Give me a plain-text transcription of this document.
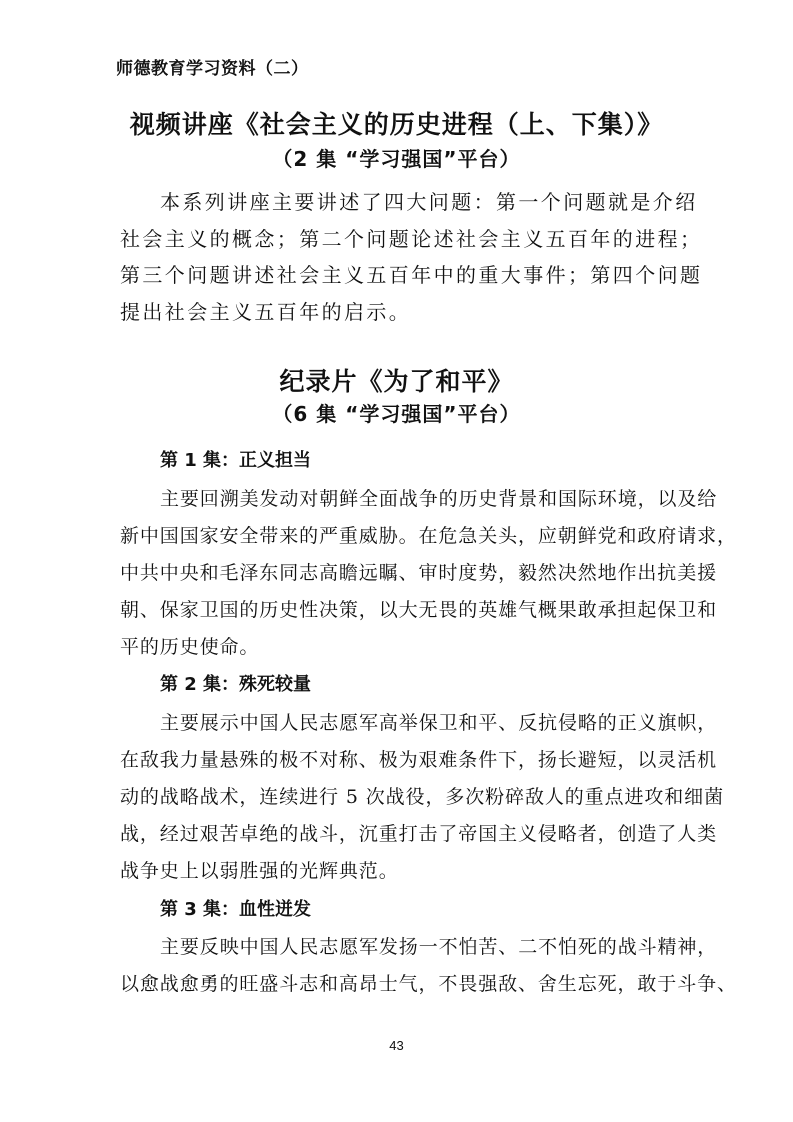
师德教育学习资料（二）
视频讲座《社会主义的历史进程（上、下集）》
（2 集 “学习强国”平台）

本系列讲座主要讲述了四大问题：第一个问题就是介绍
社会主义的概念；第二个问题论述社会主义五百年的进程；
第三个问题讲述社会主义五百年中的重大事件；第四个问题
提出社会主义五百年的启示。

纪录片《为了和平》
（6 集 “学习强国”平台）
第 1 集：正义担当

主要回溯美发动对朝鲜全面战争的历史背景和国际环境，以及给
新中国国家安全带来的严重威胁。在危急关头，应朝鲜党和政府请求，
中共中央和毛泽东同志高瞻远瞩、审时度势，毅然决然地作出抗美援
朝、保家卫国的历史性决策，以大无畏的英雄气概果敢承担起保卫和
平的历史使命。

第 2 集：殊死较量

主要展示中国人民志愿军高举保卫和平、反抗侵略的正义旗帜，
在敌我力量悬殊的极不对称、极为艰难条件下，扬长避短，以灵活机
动的战略战术，连续进行 5 次战役，多次粉碎敌人的重点进攻和细菌
战，经过艰苦卓绝的战斗，沉重打击了帝国主义侵略者，创造了人类
战争史上以弱胜强的光辉典范。

第 3 集：血性迸发

主要反映中国人民志愿军发扬一不怕苦、二不怕死的战斗精神，
以愈战愈勇的旺盛斗志和高昂士气，不畏强敌、舍生忘死，敢于斗争、

43
